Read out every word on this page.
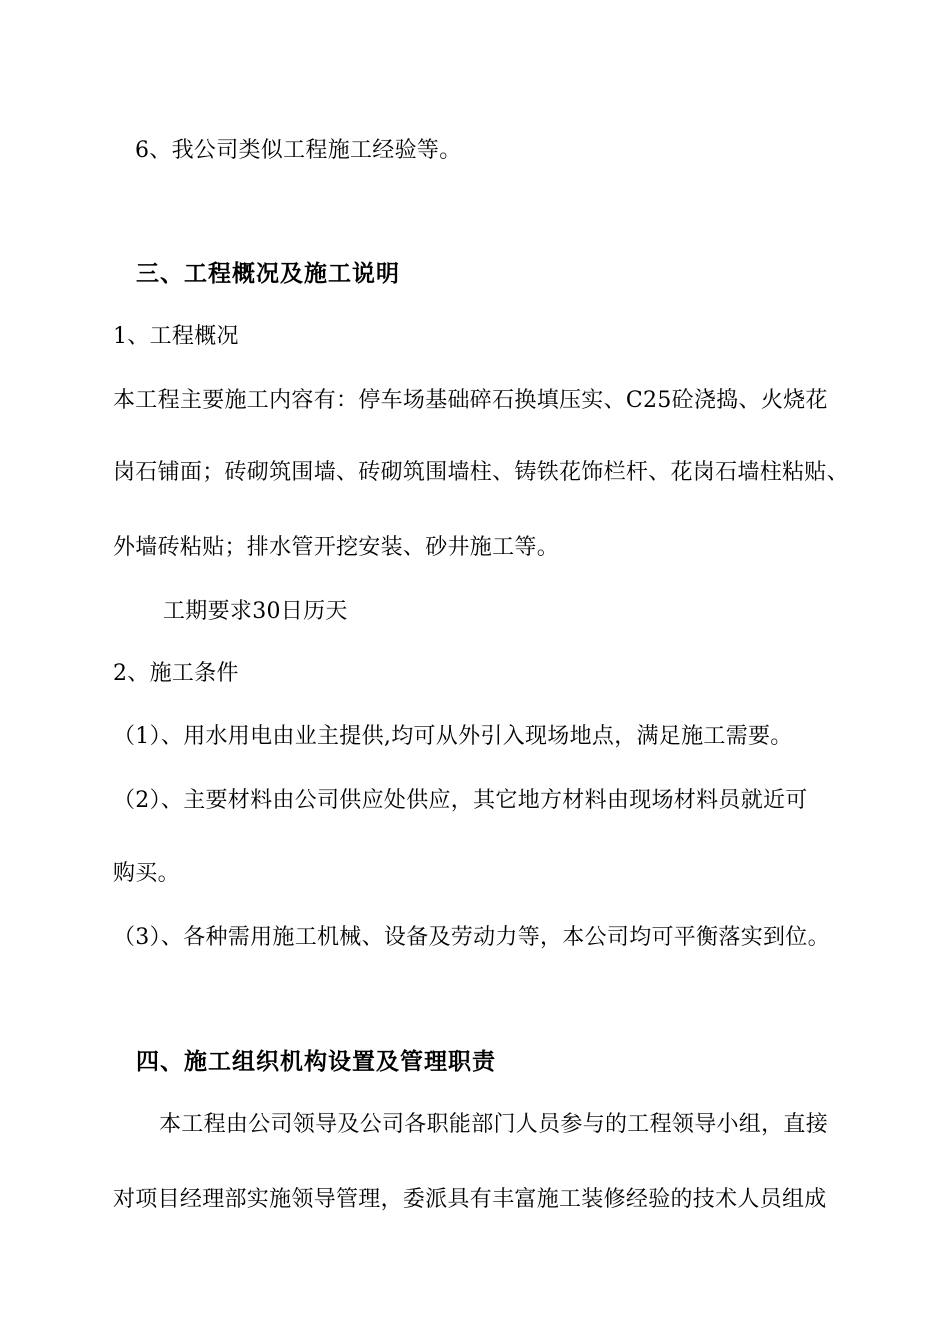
6、我公司类似工程施工经验等。
三、工程概况及施工说明
1、工程概况
本工程主要施工内容有：停车场基础碎石换填压实、C25砼浇捣、火烧花
岗石铺面；砖砌筑围墙、砖砌筑围墙柱、铸铁花饰栏杆、花岗石墙柱粘贴、
外墙砖粘贴；排水管开挖安装、砂井施工等。
工期要求30日历天
2、施工条件
（1）、用水用电由业主提供,均可从外引入现场地点，满足施工需要。
（2）、主要材料由公司供应处供应，其它地方材料由现场材料员就近可
购买。
（3）、各种需用施工机械、设备及劳动力等，本公司均可平衡落实到位。
四、施工组织机构设置及管理职责
本工程由公司领导及公司各职能部门人员参与的工程领导小组，直接
对项目经理部实施领导管理，委派具有丰富施工装修经验的技术人员组成
